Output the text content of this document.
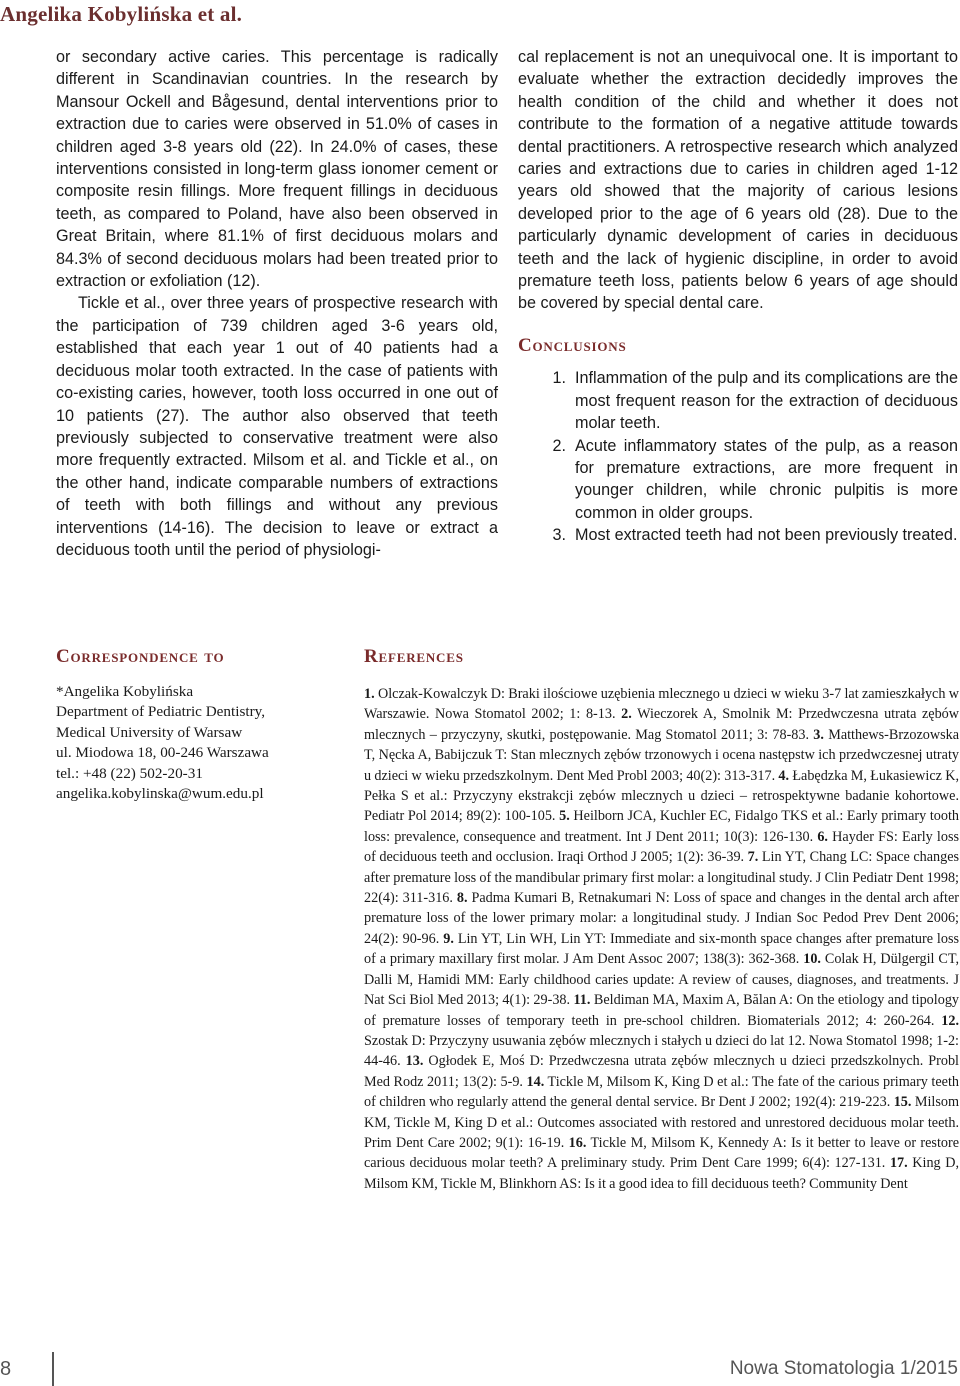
Angelika Kobylińska et al.

or secondary active caries. This percentage is radically different in Scandinavian countries. In the research by Mansour Ockell and Bågesund, dental interventions prior to extraction due to caries were observed in 51.0% of cases in children aged 3-8 years old (22). In 24.0% of cases, these interventions consisted in long-term glass ionomer cement or composite resin fillings. More frequent fillings in deciduous teeth, as compared to Poland, have also been observed in Great Britain, where 81.1% of first deciduous molars and 84.3% of second deciduous molars had been treated prior to extraction or exfoliation (12).

Tickle et al., over three years of prospective research with the participation of 739 children aged 3-6 years old, established that each year 1 out of 40 patients had a deciduous molar tooth extracted. In the case of patients with co-existing caries, however, tooth loss occurred in one out of 10 patients (27). The author also observed that teeth previously subjected to conservative treatment were also more frequently extracted. Milsom et al. and Tickle et al., on the other hand, indicate comparable numbers of extractions of teeth with both fillings and without any previous interventions (14-16). The decision to leave or extract a deciduous tooth until the period of physiologi-

cal replacement is not an unequivocal one. It is important to evaluate whether the extraction decidedly improves the health condition of the child and whether it does not contribute to the formation of a negative attitude towards dental practitioners. A retrospective research which analyzed caries and extractions due to caries in children aged 1-12 years old showed that the majority of carious lesions developed prior to the age of 6 years old (28). Due to the particularly dynamic development of caries in deciduous teeth and the lack of hygienic discipline, in order to avoid premature teeth loss, patients below 6 years of age should be covered by special dental care.

Conclusions
1. Inflammation of the pulp and its complications are the most frequent reason for the extraction of deciduous molar teeth.
2. Acute inflammatory states of the pulp, as a reason for premature extractions, are more frequent in younger children, while chronic pulpitis is more common in older groups.
3. Most extracted teeth had not been previously treated.
Correspondence to
*Angelika Kobylińska
Department of Pediatric Dentistry,
Medical University of Warsaw
ul. Miodowa 18, 00-246 Warszawa
tel.: +48 (22) 502-20-31
angelika.kobylinska@wum.edu.pl
References
1. Olczak-Kowalczyk D: Braki ilościowe uzębienia mlecznego u dzieci w wieku 3-7 lat zamieszkałych w Warszawie. Nowa Stomatol 2002; 1: 8-13. 2. Wieczorek A, Smolnik M: Przedwczesna utrata zębów mlecznych – przyczyny, skutki, postępowanie. Mag Stomatol 2011; 3: 78-83. 3. Matthews-Brzozowska T, Nęcka A, Babijczuk T: Stan mlecznych zębów trzonowych i ocena następstw ich przedwczesnej utraty u dzieci w wieku przedszkolnym. Dent Med Probl 2003; 40(2): 313-317. 4. Łabędzka M, Łukasiewicz K, Pełka S et al.: Przyczyny ekstrakcji zębów mlecznych u dzieci – retrospektywne badanie kohortowe. Pediatr Pol 2014; 89(2): 100-105. 5. Heilborn JCA, Kuchler EC, Fidalgo TKS et al.: Early primary tooth loss: prevalence, consequence and treatment. Int J Dent 2011; 10(3): 126-130. 6. Hayder FS: Early loss of deciduous teeth and occlusion. Iraqi Orthod J 2005; 1(2): 36-39. 7. Lin YT, Chang LC: Space changes after premature loss of the mandibular primary first molar: a longitudinal study. J Clin Pediatr Dent 1998; 22(4): 311-316. 8. Padma Kumari B, Retnakumari N: Loss of space and changes in the dental arch after premature loss of the lower primary molar: a longitudinal study. J Indian Soc Pedod Prev Dent 2006; 24(2): 90-96. 9. Lin YT, Lin WH, Lin YT: Immediate and six-month space changes after premature loss of a primary maxillary first molar. J Am Dent Assoc 2007; 138(3): 362-368. 10. Colak H, Dülgergil CT, Dalli M, Hamidi MM: Early childhood caries update: A review of causes, diagnoses, and treatments. J Nat Sci Biol Med 2013; 4(1): 29-38. 11. Beldiman MA, Maxim A, Bălan A: On the etiology and tipology of premature losses of temporary teeth in pre-school children. Biomaterials 2012; 4: 260-264. 12. Szostak D: Przyczyny usuwania zębów mlecznych i stałych u dzieci do lat 12. Nowa Stomatol 1998; 1-2: 44-46. 13. Ogłodek E, Moś D: Przedwczesna utrata zębów mlecznych u dzieci przedszkolnych. Probl Med Rodz 2011; 13(2): 5-9. 14. Tickle M, Milsom K, King D et al.: The fate of the carious primary teeth of children who regularly attend the general dental service. Br Dent J 2002; 192(4): 219-223. 15. Milsom KM, Tickle M, King D et al.: Outcomes associated with restored and unrestored deciduous molar teeth. Prim Dent Care 2002; 9(1): 16-19. 16. Tickle M, Milsom K, Kennedy A: Is it better to leave or restore carious deciduous molar teeth? A preliminary study. Prim Dent Care 1999; 6(4): 127-131. 17. King D, Milsom KM, Tickle M, Blinkhorn AS: Is it a good idea to fill deciduous teeth? Community Dent
8	Nowa Stomatologia 1/2015
